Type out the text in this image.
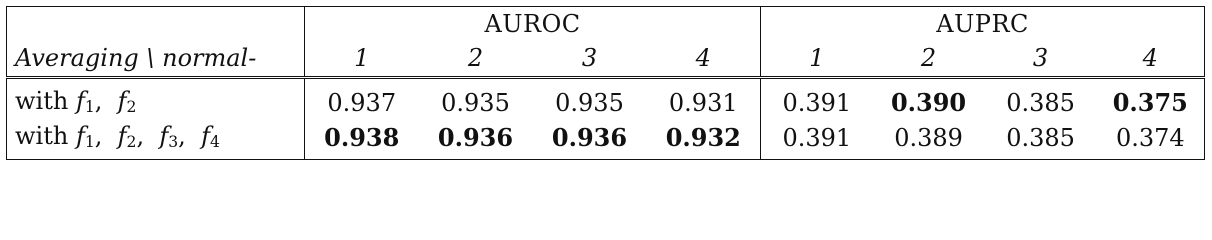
	AUROC				AUPRC			
Averaging \ normal-	1	2	3	4	1	2	3	4
with $f_1$,  $f_2$	0.937	0.935	0.935	0.931	0.391	0.390	0.385	0.375
with $f_1$,  $f_2$,  $f_3$,  $f_4$	0.938	0.936	0.936	0.932	0.391	0.389	0.385	0.374
